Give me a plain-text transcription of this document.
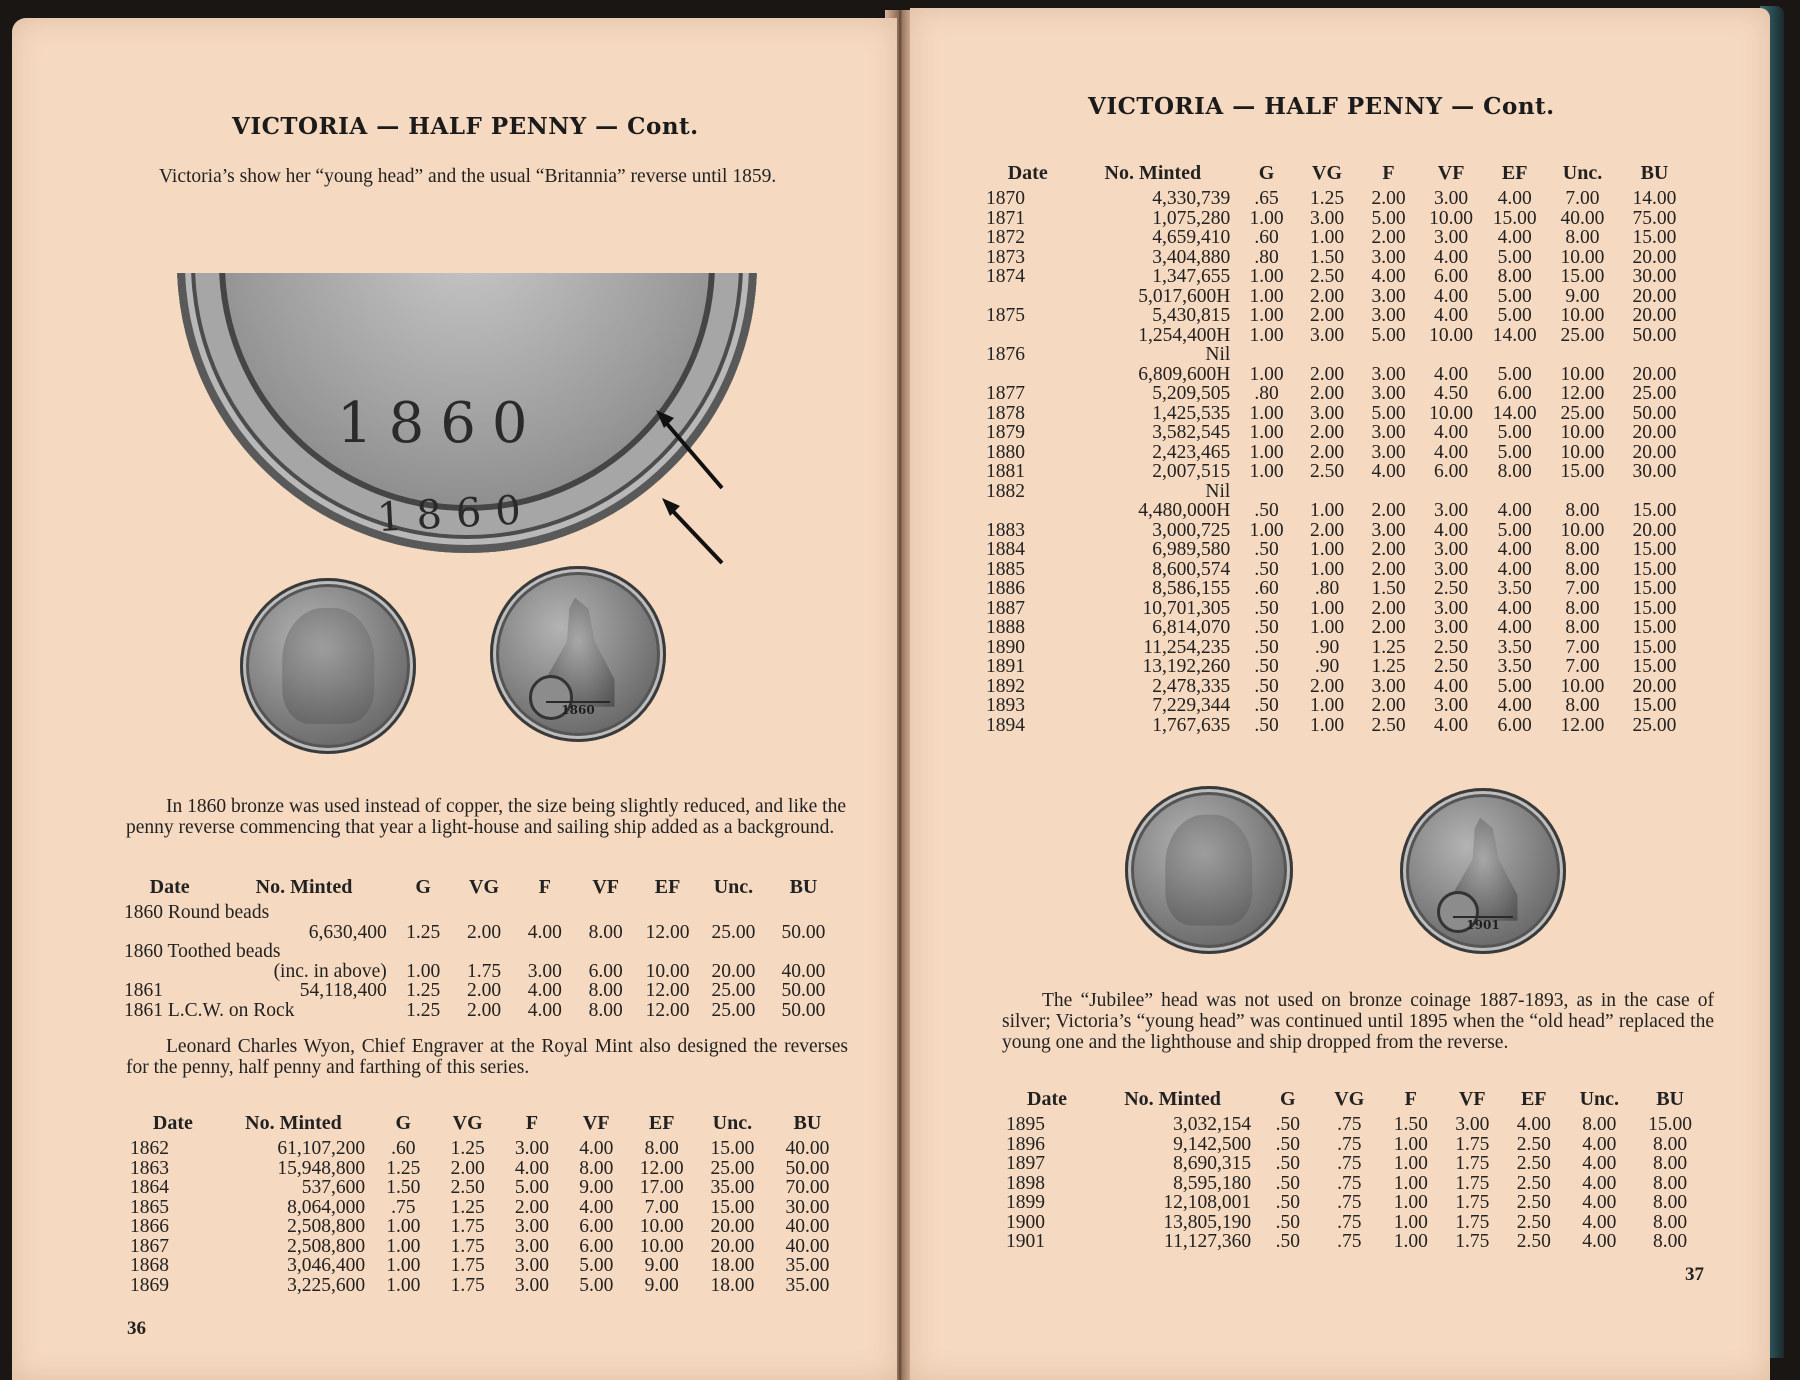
VICTORIA — HALF PENNY — Cont.
Victoria’s show her “young head” and the usual “Britannia” reverse until 1859.
1860
1860
1860
In 1860 bronze was used instead of copper, the size being slightly reduced, and like the penny reverse commencing that year a light-house and sailing ship added as a background.
Date	No. Minted	G	VG	F	VF	EF	Unc.	BU
1860 Round beads								
	6,630,400	1.25	2.00	4.00	8.00	12.00	25.00	50.00
1860 Toothed beads								
	(inc. in above)	1.00	1.75	3.00	6.00	10.00	20.00	40.00
1861	54,118,400	1.25	2.00	4.00	8.00	12.00	25.00	50.00
1861 L.C.W. on Rock		1.25	2.00	4.00	8.00	12.00	25.00	50.00
Leonard Charles Wyon, Chief Engraver at the Royal Mint also designed the reverses for the penny, half penny and farthing of this series.
Date	No. Minted	G	VG	F	VF	EF	Unc.	BU
1862	61,107,200	.60	1.25	3.00	4.00	8.00	15.00	40.00
1863	15,948,800	1.25	2.00	4.00	8.00	12.00	25.00	50.00
1864	537,600	1.50	2.50	5.00	9.00	17.00	35.00	70.00
1865	8,064,000	.75	1.25	2.00	4.00	7.00	15.00	30.00
1866	2,508,800	1.00	1.75	3.00	6.00	10.00	20.00	40.00
1867	2,508,800	1.00	1.75	3.00	6.00	10.00	20.00	40.00
1868	3,046,400	1.00	1.75	3.00	5.00	9.00	18.00	35.00
1869	3,225,600	1.00	1.75	3.00	5.00	9.00	18.00	35.00
36
VICTORIA — HALF PENNY — Cont.
Date	No. Minted	G	VG	F	VF	EF	Unc.	BU
1870	4,330,739	.65	1.25	2.00	3.00	4.00	7.00	14.00
1871	1,075,280	1.00	3.00	5.00	10.00	15.00	40.00	75.00
1872	4,659,410	.60	1.00	2.00	3.00	4.00	8.00	15.00
1873	3,404,880	.80	1.50	3.00	4.00	5.00	10.00	20.00
1874	1,347,655	1.00	2.50	4.00	6.00	8.00	15.00	30.00
	5,017,600H	1.00	2.00	3.00	4.00	5.00	9.00	20.00
1875	5,430,815	1.00	2.00	3.00	4.00	5.00	10.00	20.00
	1,254,400H	1.00	3.00	5.00	10.00	14.00	25.00	50.00
1876	Nil							
	6,809,600H	1.00	2.00	3.00	4.00	5.00	10.00	20.00
1877	5,209,505	.80	2.00	3.00	4.50	6.00	12.00	25.00
1878	1,425,535	1.00	3.00	5.00	10.00	14.00	25.00	50.00
1879	3,582,545	1.00	2.00	3.00	4.00	5.00	10.00	20.00
1880	2,423,465	1.00	2.00	3.00	4.00	5.00	10.00	20.00
1881	2,007,515	1.00	2.50	4.00	6.00	8.00	15.00	30.00
1882	Nil							
	4,480,000H	.50	1.00	2.00	3.00	4.00	8.00	15.00
1883	3,000,725	1.00	2.00	3.00	4.00	5.00	10.00	20.00
1884	6,989,580	.50	1.00	2.00	3.00	4.00	8.00	15.00
1885	8,600,574	.50	1.00	2.00	3.00	4.00	8.00	15.00
1886	8,586,155	.60	.80	1.50	2.50	3.50	7.00	15.00
1887	10,701,305	.50	1.00	2.00	3.00	4.00	8.00	15.00
1888	6,814,070	.50	1.00	2.00	3.00	4.00	8.00	15.00
1890	11,254,235	.50	.90	1.25	2.50	3.50	7.00	15.00
1891	13,192,260	.50	.90	1.25	2.50	3.50	7.00	15.00
1892	2,478,335	.50	2.00	3.00	4.00	5.00	10.00	20.00
1893	7,229,344	.50	1.00	2.00	3.00	4.00	8.00	15.00
1894	1,767,635	.50	1.00	2.50	4.00	6.00	12.00	25.00
1901
The “Jubilee” head was not used on bronze coinage 1887-1893, as in the case of silver; Victoria’s “young head” was continued until 1895 when the “old head” replaced the young one and the lighthouse and ship dropped from the reverse.
Date	No. Minted	G	VG	F	VF	EF	Unc.	BU
1895	3,032,154	.50	.75	1.50	3.00	4.00	8.00	15.00
1896	9,142,500	.50	.75	1.00	1.75	2.50	4.00	8.00
1897	8,690,315	.50	.75	1.00	1.75	2.50	4.00	8.00
1898	8,595,180	.50	.75	1.00	1.75	2.50	4.00	8.00
1899	12,108,001	.50	.75	1.00	1.75	2.50	4.00	8.00
1900	13,805,190	.50	.75	1.00	1.75	2.50	4.00	8.00
1901	11,127,360	.50	.75	1.00	1.75	2.50	4.00	8.00
37
